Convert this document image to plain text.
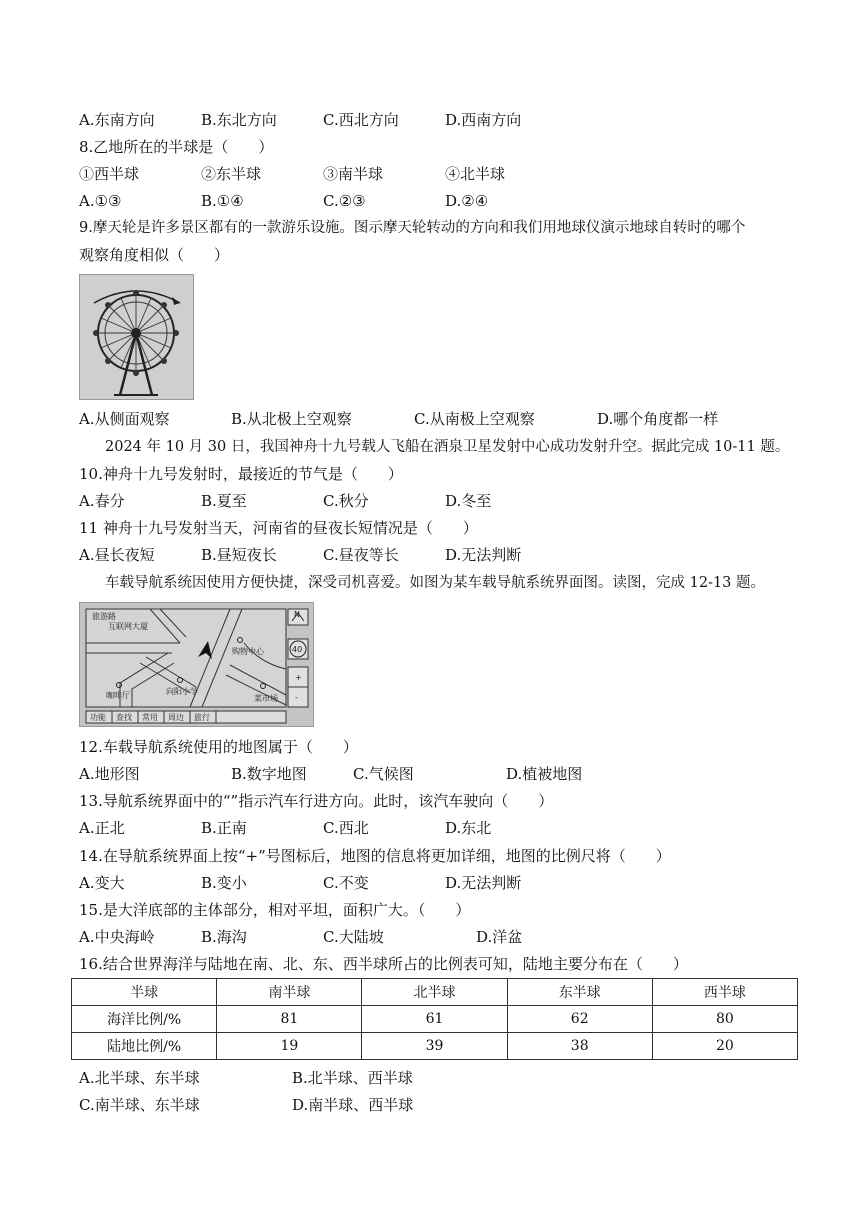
A.东南方向	B.东北方向	C.西北方向	D.西南方向
8.乙地所在的半球是（　　）
①西半球	②东半球	③南半球	④北半球
A.①③	B.①④	C.②③	D.②④
9.摩天轮是许多景区都有的一款游乐设施。图示摩天轮转动的方向和我们用地球仪演示地球自转时的哪个
观察角度相似（　　）
A.从侧面观察	B.从北极上空观察	C.从南极上空观察	D.哪个角度都一样
2024 年 10 月 30 日，我国神舟十九号载人飞船在酒泉卫星发射中心成功发射升空。据此完成 10-11 题。
10.神舟十九号发射时，最接近的节气是（　　）
A.春分	B.夏至	C.秋分	D.冬至
11 神舟十九号发射当天，河南省的昼夜长短情况是（　　）
A.昼长夜短	B.昼短夜长	C.昼夜等长	D.无法判断
车载导航系统因使用方便快捷，深受司机喜爱。如图为某车载导航系统界面图。读图，完成 12-13 题。
旅游路
互联网大厦
咖啡厅
购物中心
向阳小学
菜市场
N
40
+
-
功能 查找 常用 周边 旅行
12.车载导航系统使用的地图属于（　　）
A.地形图	B.数字地图	C.气候图	D.植被地图
13.导航系统界面中的“”指示汽车行进方向。此时，该汽车驶向（　　）
A.正北	B.正南	C.西北	D.东北
14.在导航系统界面上按“+”号图标后，地图的信息将更加详细，地图的比例尺将（　　）
A.变大	B.变小	C.不变	D.无法判断
15.是大洋底部的主体部分，相对平坦，面积广大。（　　）
A.中央海岭	B.海沟	C.大陆坡	D.洋盆
16.结合世界海洋与陆地在南、北、东、西半球所占的比例表可知，陆地主要分布在（　　）
半球	南半球	北半球	东半球	西半球
海洋比例/%	81	61	62	80
陆地比例/%	19	39	38	20
A.北半球、东半球	B.北半球、西半球
C.南半球、东半球	D.南半球、西半球
